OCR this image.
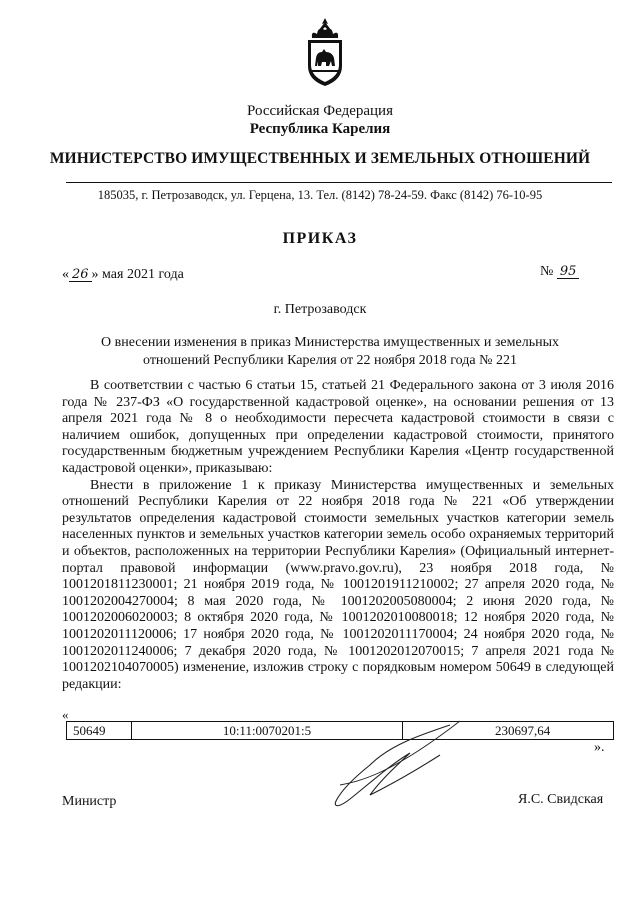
Российская Федерация
Республика Карелия
МИНИСТЕРСТВО ИМУЩЕСТВЕННЫХ И ЗЕМЕЛЬНЫХ ОТНОШЕНИЙ
185035, г. Петрозаводск, ул. Герцена, 13. Тел. (8142) 78-24-59. Факс (8142) 76-10-95
ПРИКАЗ
« 26 » мая 2021 года	№ 95
г. Петрозаводск
О внесении изменения в приказ Министерства имущественных и земельных отношений Республики Карелия от 22 ноября 2018 года № 221

В соответствии с частью 6 статьи 15, статьей 21 Федерального закона от 3 июля 2016 года № 237-ФЗ «О государственной кадастровой оценке», на основании решения от 13 апреля 2021 года № 8 о необходимости пересчета кадастровой стоимости в связи с наличием ошибок, допущенных при определении кадастровой стоимости, принятого государственным бюджетным учреждением Республики Карелия «Центр государственной кадастровой оценки», приказываю:

Внести в приложение 1 к приказу Министерства имущественных и земельных отношений Республики Карелия от 22 ноября 2018 года № 221 «Об утверждении результатов определения кадастровой стоимости земельных участков категории земель населенных пунктов и земельных участков категории земель особо охраняемых территорий и объектов, расположенных на территории Республики Карелия» (Официальный интернет-портал правовой информации (www.pravo.gov.ru), 23 ноября 2018 года, № 1001201811230001; 21 ноября 2019 года, № 1001201911210002; 27 апреля 2020 года, № 1001202004270004; 8 мая 2020 года, № 1001202005080004; 2 июня 2020 года, № 1001202006020003; 8 октября 2020 года, № 1001202010080018; 12 ноября 2020 года, № 1001202011120006; 17 ноября 2020 года, № 1001202011170004; 24 ноября 2020 года, № 1001202011240006; 7 декабря 2020 года, № 1001202012070015; 7 апреля 2021 года № 1001202104070005) изменение, изложив строку с порядковым номером 50649 в следующей редакции:

«
50649	10:11:0070201:5	230697,64
».
Министр	Я.С. Свидская
